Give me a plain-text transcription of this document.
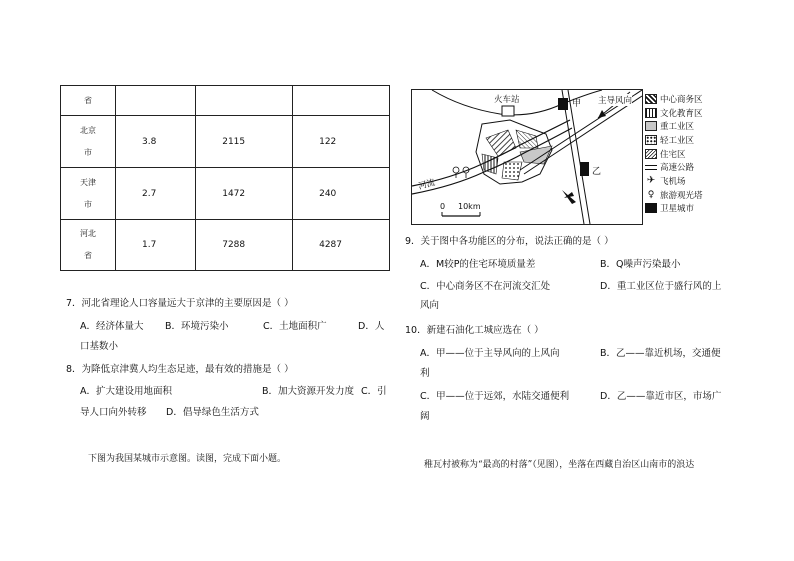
省			
北京
市	3.8	2115	122
天津
市	2.7	1472	240
河北
省	1.7	7288	4287
7．河北省理论人口容量远大于京津的主要原因是（ ）
A．经济体量大 B．环境污染小	C．土地面积广	D．人
口基数小
8．为降低京津冀人均生态足迹，最有效的措施是（ ）
A．扩大建设用地面积	B．加大资源开发力度 C．引
导人口向外转移 D．倡导绿色生活方式
下图为我国某城市示意图。读图，完成下面小题。
火车站	甲
乙
主导风向
河流
0 10km
中心商务区
文化教育区
重工业区
轻工业区
住宅区
高速公路
✈ 飞机场
♀ 旅游观光塔
卫星城市
9．关于图中各功能区的分布，说法正确的是（ ）
A．M较P的住宅环境质量差	B．Q噪声污染最小
C．中心商务区不在河流交汇处	D．重工业区位于盛行风的上
风向
10．新建石油化工城应选在（ ）
A．甲——位于主导风向的上风向	B．乙——靠近机场，交通便
利
C．甲——位于远郊，水陆交通便利	D．乙——靠近市区，市场广
阔
稚瓦村被称为“最高的村落”（见图），坐落在西藏自治区山南市的浪达
